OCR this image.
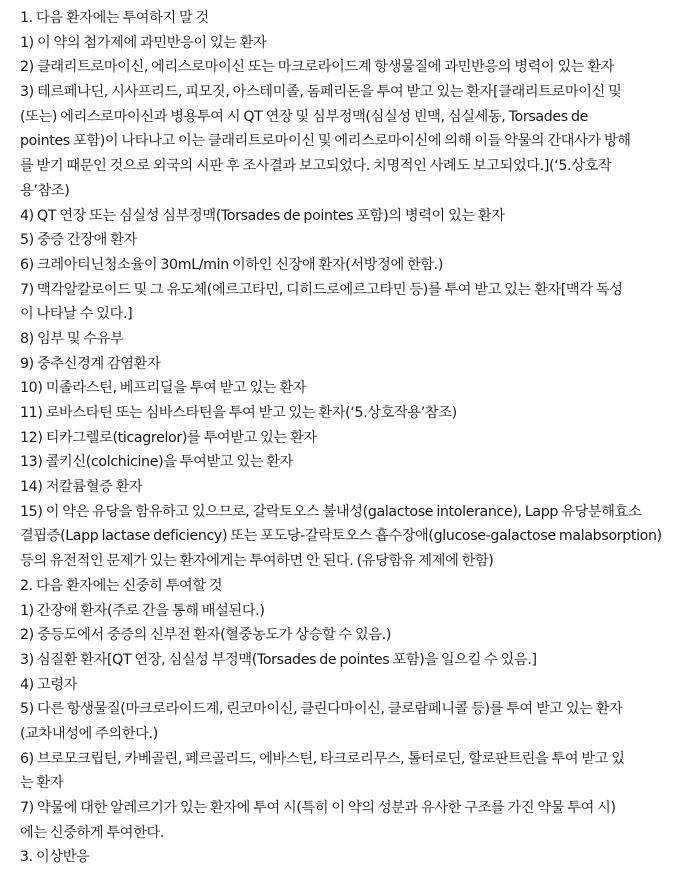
1. 다음 환자에는 투여하지 말 것
1) 이 약의 첨가제에 과민반응이 있는 환자
2) 클래리트로마이신, 에리스로마이신 또는 마크로라이드계 항생물질에 과민반응의 병력이 있는 환자
3) 테르페나딘, 시사프리드, 피모짓, 아스테미졸, 돔페리돈을 투여 받고 있는 환자[클래리트로마이신 및
(또는) 에리스로마이신과 병용투여 시 QT 연장 및 심부정맥(심실성 빈맥, 심실세동, Torsades de
pointes 포함)이 나타나고 이는 클래리트로마이신 및 에리스로마이신에 의해 이들 약물의 간대사가 방해
를 받기 때문인 것으로 외국의 시판 후 조사결과 보고되었다. 치명적인 사례도 보고되었다.](‘5.상호작
용’참조)
4) QT 연장 또는 심실성 심부정맥(Torsades de pointes 포함)의 병력이 있는 환자
5) 중증 간장애 환자
6) 크레아티닌청소율이 30mL/min 이하인 신장애 환자(서방정에 한함.)
7) 맥각알칼로이드 및 그 유도체(에르고타민, 디히드로에르고타민 등)를 투여 받고 있는 환자[맥각 독성
이 나타날 수 있다.]
8) 임부 및 수유부
9) 중추신경계 감염환자
10) 미졸라스틴, 베프리딜을 투여 받고 있는 환자
11) 로바스타틴 또는 심바스타틴을 투여 받고 있는 환자(‘5.상호작용’참조)
12) 티카그렐로(ticagrelor)를 투여받고 있는 환자
13) 콜키신(colchicine)을 투여받고 있는 환자
14) 저칼륨혈증 환자
15) 이 약은 유당을 함유하고 있으므로, 갈락토오스 불내성(galactose intolerance), Lapp 유당분해효소
결핍증(Lapp lactase deficiency) 또는 포도당-갈락토오스 흡수장애(glucose-galactose malabsorption)
등의 유전적인 문제가 있는 환자에게는 투여하면 안 된다. (유당함유 제제에 한함)
2. 다음 환자에는 신중히 투여할 것
1) 간장애 환자(주로 간을 통해 배설된다.)
2) 중등도에서 중증의 신부전 환자(혈중농도가 상승할 수 있음.)
3) 심질환 환자[QT 연장, 심실성 부정맥(Torsades de pointes 포함)을 일으킬 수 있음.]
4) 고령자
5) 다른 항생물질(마크로라이드계, 린코마이신, 클린다마이신, 클로람페니콜 등)를 투여 받고 있는 환자
(교차내성에 주의한다.)
6) 브로모크립틴, 카베골린, 페르골리드, 에바스틴, 타크로리무스, 톨터로딘, 할로판트린을 투여 받고 있
는 환자
7) 약물에 대한 알레르기가 있는 환자에 투여 시(특히 이 약의 성분과 유사한 구조를 가진 약물 투여 시)
에는 신중하게 투여한다.
3. 이상반응
